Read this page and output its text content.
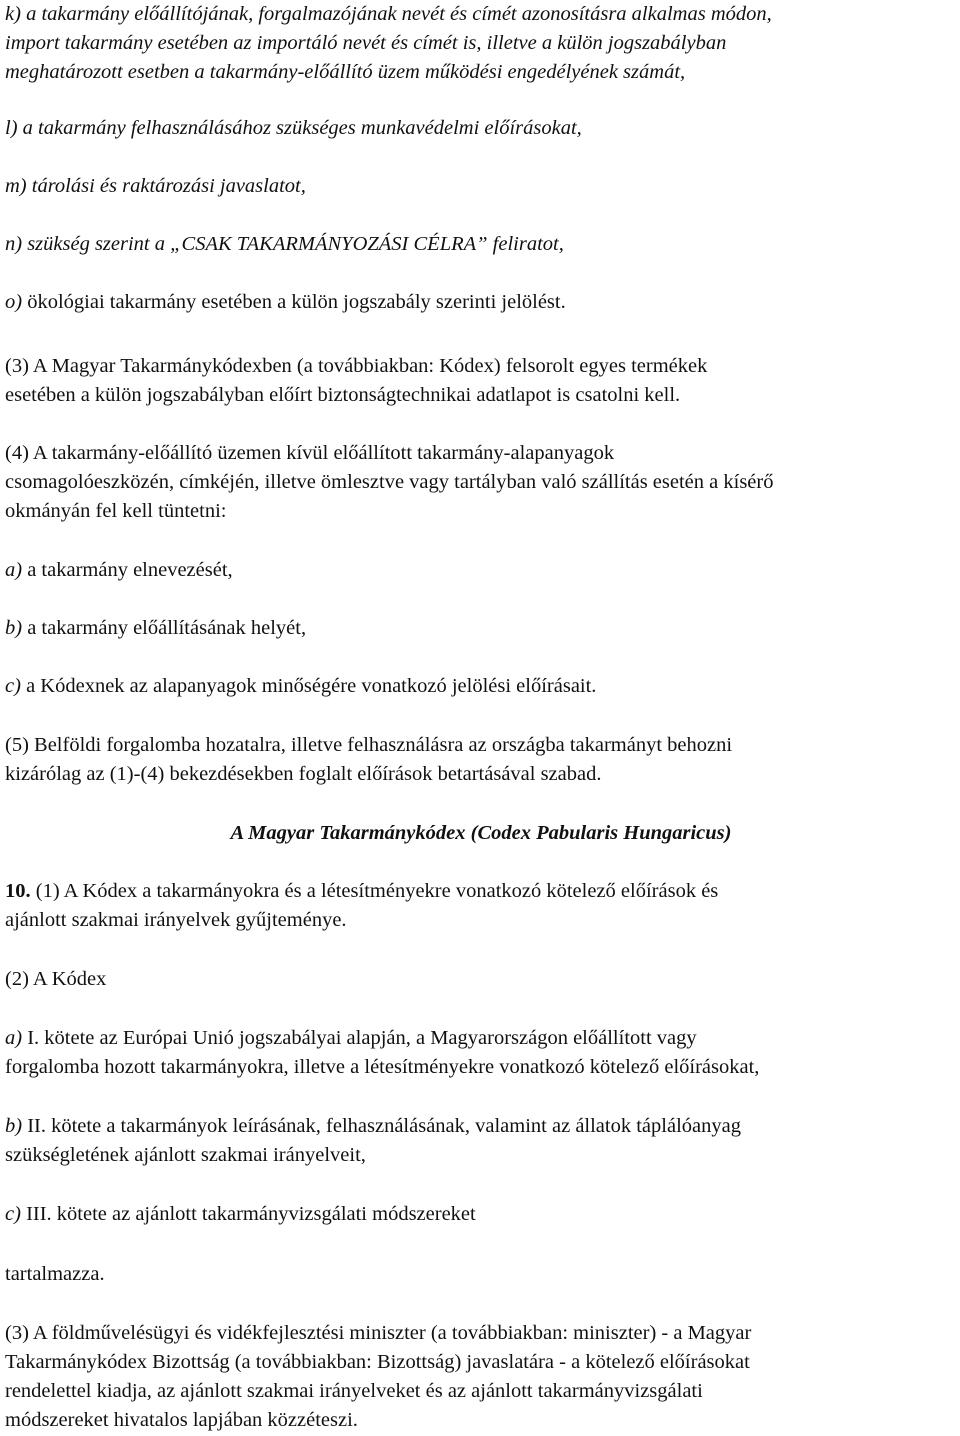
k) a takarmány előállítójának, forgalmazójának nevét és címét azonosításra alkalmas módon,
import takarmány esetében az importáló nevét és címét is, illetve a külön jogszabályban
meghatározott esetben a takarmány-előállító üzem működési engedélyének számát,
l) a takarmány felhasználásához szükséges munkavédelmi előírásokat,
m) tárolási és raktározási javaslatot,
n) szükség szerint a „CSAK TAKARMÁNYOZÁSI CÉLRA” feliratot,
o) ökológiai takarmány esetében a külön jogszabály szerinti jelölést.
(3) A Magyar Takarmánykódexben (a továbbiakban: Kódex) felsorolt egyes termékek
esetében a külön jogszabályban előírt biztonságtechnikai adatlapot is csatolni kell.
(4) A takarmány-előállító üzemen kívül előállított takarmány-alapanyagok
csomagolóeszközén, címkéjén, illetve ömlesztve vagy tartályban való szállítás esetén a kísérő
okmányán fel kell tüntetni:
a) a takarmány elnevezését,
b) a takarmány előállításának helyét,
c) a Kódexnek az alapanyagok minőségére vonatkozó jelölési előírásait.
(5) Belföldi forgalomba hozatalra, illetve felhasználásra az országba takarmányt behozni
kizárólag az (1)-(4) bekezdésekben foglalt előírások betartásával szabad.
A Magyar Takarmánykódex (Codex Pabularis Hungaricus)
10. (1) A Kódex a takarmányokra és a létesítményekre vonatkozó kötelező előírások és
ajánlott szakmai irányelvek gyűjteménye.
(2) A Kódex
a) I. kötete az Európai Unió jogszabályai alapján, a Magyarországon előállított vagy
forgalomba hozott takarmányokra, illetve a létesítményekre vonatkozó kötelező előírásokat,
b) II. kötete a takarmányok leírásának, felhasználásának, valamint az állatok táplálóanyag
szükségletének ajánlott szakmai irányelveit,
c) III. kötete az ajánlott takarmányvizsgálati módszereket
tartalmazza.
(3) A földművelésügyi és vidékfejlesztési miniszter (a továbbiakban: miniszter) - a Magyar
Takarmánykódex Bizottság (a továbbiakban: Bizottság) javaslatára - a kötelező előírásokat
rendelettel kiadja, az ajánlott szakmai irányelveket és az ajánlott takarmányvizsgálati
módszereket hivatalos lapjában közzéteszi.
